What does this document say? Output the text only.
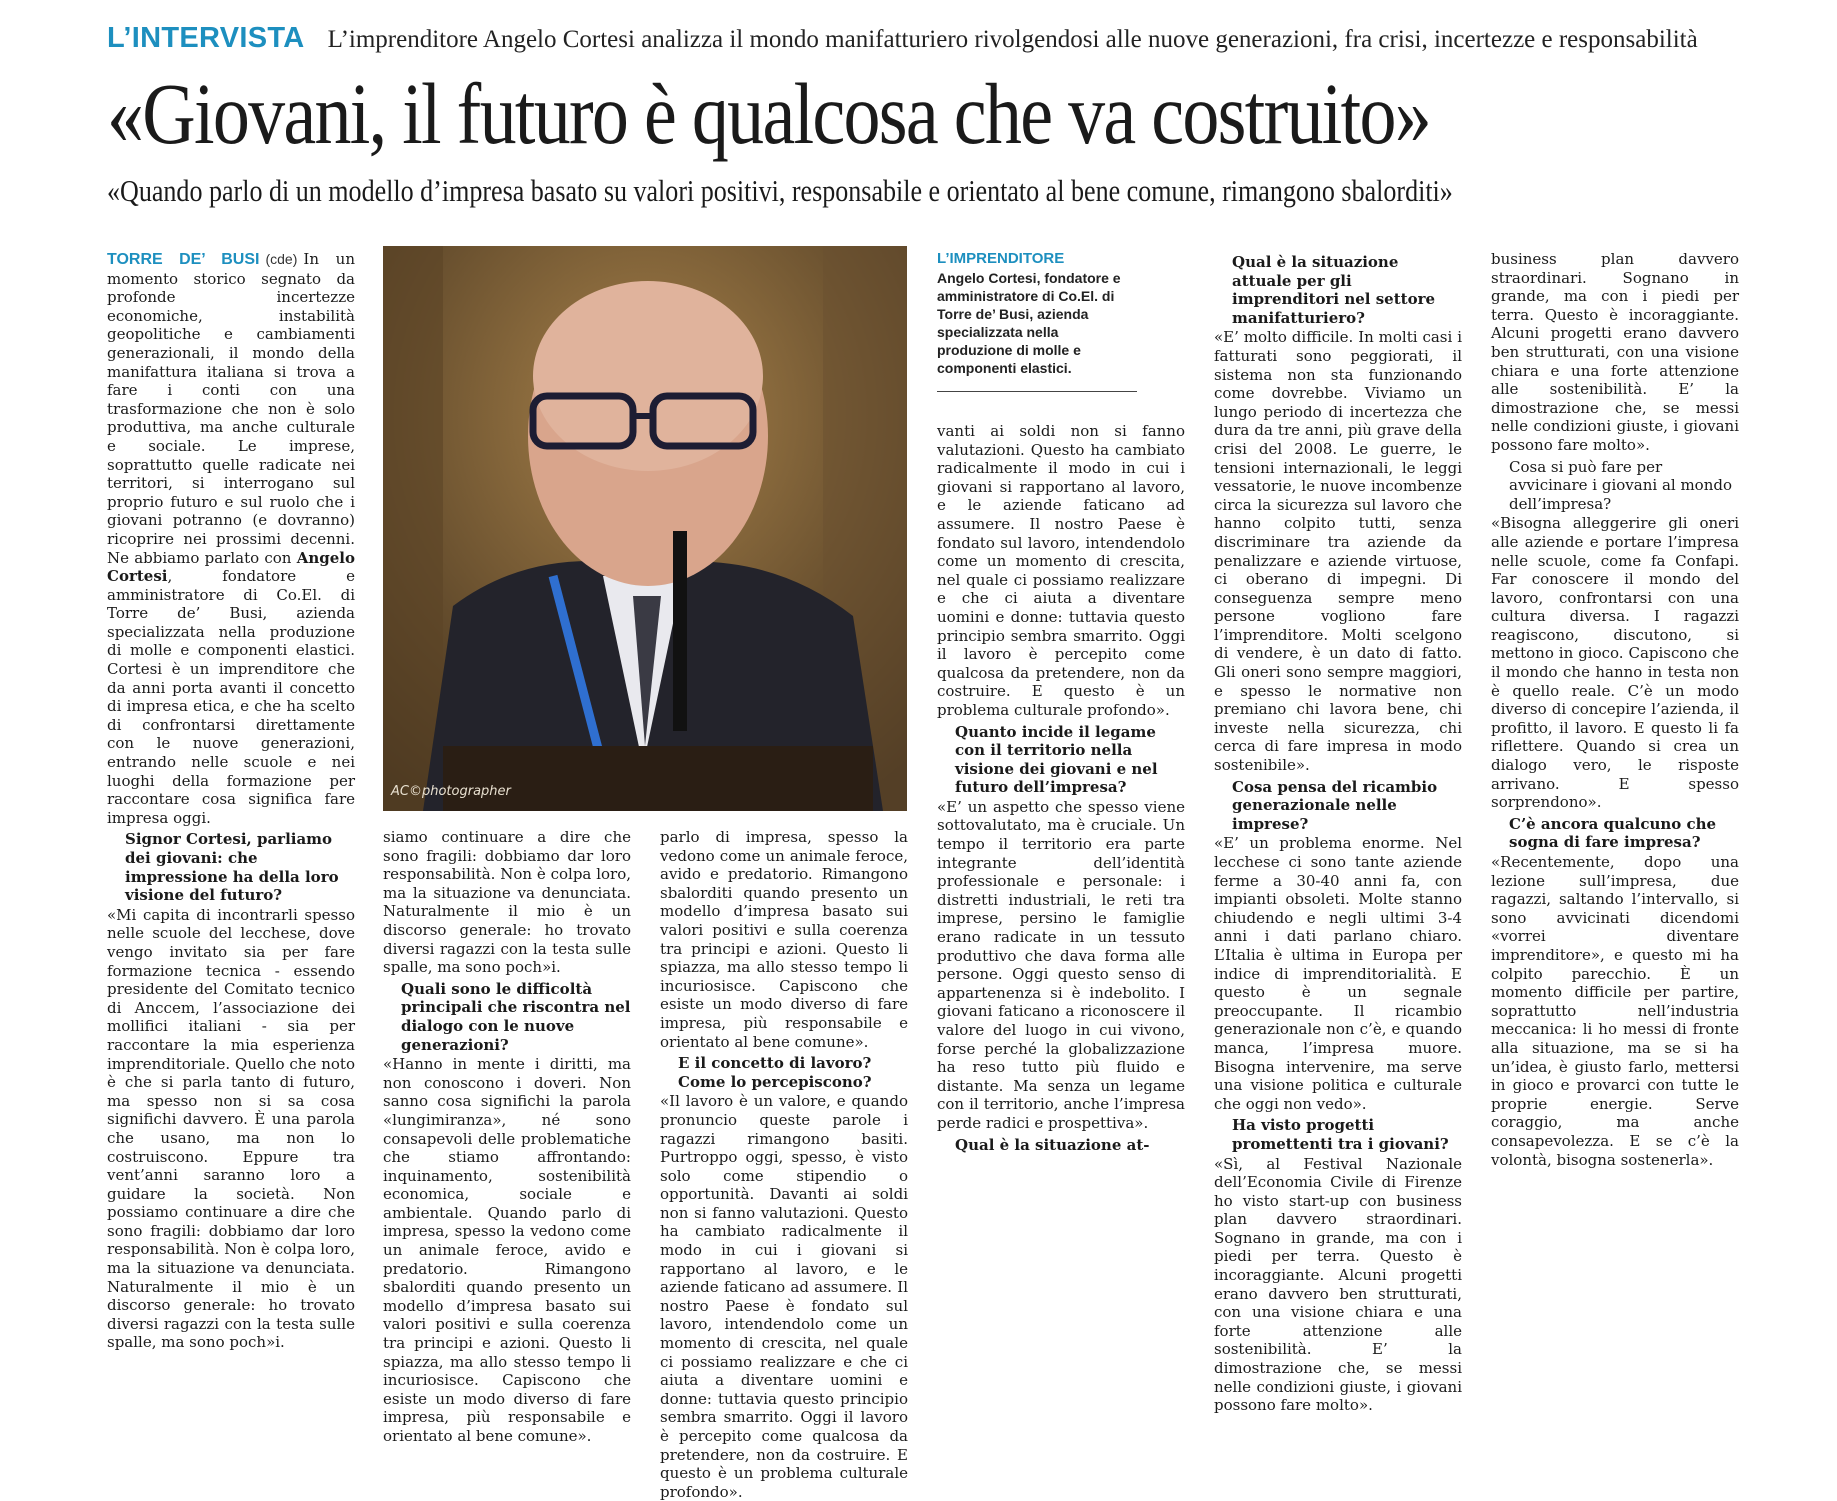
L’INTERVISTA L’imprenditore Angelo Cortesi analizza il mondo manifatturiero rivolgendosi alle nuove generazioni, fra crisi, incertezze e responsabilità
«Giovani, il futuro è qualcosa che va costruito»
«Quando parlo di un modello d’impresa basato su valori positivi, responsabile e orientato al bene comune, rimangono sbalorditi»

TORRE DE’ BUSI (cde) In un momento storico segnato da profonde incertezze economiche, instabilità geopolitiche e cambiamenti generazionali, il mondo della manifattura italiana si trova a fare i conti con una trasformazione che non è solo produttiva, ma anche culturale e sociale. Le imprese, soprattutto quelle radicate nei territori, si interrogano sul proprio futuro e sul ruolo che i giovani potranno (e dovranno) ricoprire nei prossimi decenni. Ne abbiamo parlato con Angelo Cortesi, fondatore e amministratore di Co.El. di Torre de’ Busi, azienda specializzata nella produzione di molle e componenti elastici. Cortesi è un imprenditore che da anni porta avanti il concetto di impresa etica, e che ha scelto di confrontarsi direttamente con le nuove generazioni, entrando nelle scuole e nei luoghi della formazione per raccontare cosa significa fare impresa oggi.

Signor Cortesi, parliamo dei giovani: che impressione ha della loro visione del futuro?

«Mi capita di incontrarli spesso nelle scuole del lecchese, dove vengo invitato sia per fare formazione tecnica - essendo presidente del Comitato tecnico di Anccem, l’associazione dei mollifici italiani - sia per raccontare la mia esperienza imprenditoriale. Quello che noto è che si parla tanto di futuro, ma spesso non si sa cosa significhi davvero. È una parola che usano, ma non lo costruiscono. Eppure tra vent’anni saranno loro a guidare la società. Non possiamo continuare a dire che sono fragili: dobbiamo dar loro responsabilità. Non è colpa loro, ma la situazione va denunciata. Naturalmente il mio è un discorso generale: ho trovato diversi ragazzi con la testa sulle spalle, ma sono poch»i.

AC©photographer

siamo continuare a dire che sono fragili: dobbiamo dar loro responsabilità. Non è colpa loro, ma la situazione va denunciata. Naturalmente il mio è un discorso generale: ho trovato diversi ragazzi con la testa sulle spalle, ma sono poch»i.

Quali sono le difficoltà principali che riscontra nel dialogo con le nuove generazioni?

«Hanno in mente i diritti, ma non conoscono i doveri. Non sanno cosa significhi la parola «lungimiranza», né sono consapevoli delle problematiche che stiamo affrontando: inquinamento, sostenibilità economica, sociale e ambientale. Quando parlo di impresa, spesso la vedono come un animale feroce, avido e predatorio. Rimangono sbalorditi quando presento un modello d’impresa basato sui valori positivi e sulla coerenza tra principi e azioni. Questo li spiazza, ma allo stesso tempo li incuriosisce. Capiscono che esiste un modo diverso di fare impresa, più responsabile e orientato al bene comune».

parlo di impresa, spesso la vedono come un animale feroce, avido e predatorio. Rimangono sbalorditi quando presento un modello d’impresa basato sui valori positivi e sulla coerenza tra principi e azioni. Questo li spiazza, ma allo stesso tempo li incuriosisce. Capiscono che esiste un modo diverso di fare impresa, più responsabile e orientato al bene comune».

E il concetto di lavoro? Come lo percepiscono?

«Il lavoro è un valore, e quando pronuncio queste parole i ragazzi rimangono basiti. Purtroppo oggi, spesso, è visto solo come stipendio o opportunità. Davanti ai soldi non si fanno valutazioni. Questo ha cambiato radicalmente il modo in cui i giovani si rapportano al lavoro, e le aziende faticano ad assumere. Il nostro Paese è fondato sul lavoro, intendendolo come un momento di crescita, nel quale ci possiamo realizzare e che ci aiuta a diventare uomini e donne: tuttavia questo principio sembra smarrito. Oggi il lavoro è percepito come qualcosa da pretendere, non da costruire. E questo è un problema culturale profondo».

L’IMPRENDITORE
Angelo Cortesi, fondatore e amministratore di Co.El. di Torre de’ Busi, azienda specializzata nella produzione di molle e componenti elastici.

vanti ai soldi non si fanno valutazioni. Questo ha cambiato radicalmente il modo in cui i giovani si rapportano al lavoro, e le aziende faticano ad assumere. Il nostro Paese è fondato sul lavoro, intendendolo come un momento di crescita, nel quale ci possiamo realizzare e che ci aiuta a diventare uomini e donne: tuttavia questo principio sembra smarrito. Oggi il lavoro è percepito come qualcosa da pretendere, non da costruire. E questo è un problema culturale profondo».

Quanto incide il legame con il territorio nella visione dei giovani e nel futuro dell’impresa?

«E’ un aspetto che spesso viene sottovalutato, ma è cruciale. Un tempo il territorio era parte integrante dell’identità professionale e personale: i distretti industriali, le reti tra imprese, persino le famiglie erano radicate in un tessuto produttivo che dava forma alle persone. Oggi questo senso di appartenenza si è indebolito. I giovani faticano a riconoscere il valore del luogo in cui vivono, forse perché la globalizzazione ha reso tutto più fluido e distante. Ma senza un legame con il territorio, anche l’impresa perde radici e prospettiva».

Qual è la situazione at-

Qual è la situazione attuale per gli imprenditori nel settore manifatturiero?

«E’ molto difficile. In molti casi i fatturati sono peggiorati, il sistema non sta funzionando come dovrebbe. Viviamo un lungo periodo di incertezza che dura da tre anni, più grave della crisi del 2008. Le guerre, le tensioni internazionali, le leggi vessatorie, le nuove incombenze circa la sicurezza sul lavoro che hanno colpito tutti, senza discriminare tra aziende da penalizzare e aziende virtuose, ci oberano di impegni. Di conseguenza sempre meno persone vogliono fare l’imprenditore. Molti scelgono di vendere, è un dato di fatto. Gli oneri sono sempre maggiori, e spesso le normative non premiano chi lavora bene, chi investe nella sicurezza, chi cerca di fare impresa in modo sostenibile».

Cosa pensa del ricambio generazionale nelle imprese?

«E’ un problema enorme. Nel lecchese ci sono tante aziende ferme a 30-40 anni fa, con impianti obsoleti. Molte stanno chiudendo e negli ultimi 3-4 anni i dati parlano chiaro. L’Italia è ultima in Europa per indice di imprenditorialità. E questo è un segnale preoccupante. Il ricambio generazionale non c’è, e quando manca, l’impresa muore. Bisogna intervenire, ma serve una visione politica e culturale che oggi non vedo».

Ha visto progetti promettenti tra i giovani?

«Sì, al Festival Nazionale dell’Economia Civile di Firenze ho visto start-up con business plan davvero straordinari. Sognano in grande, ma con i piedi per terra. Questo è incoraggiante. Alcuni progetti erano davvero ben strutturati, con una visione chiara e una forte attenzione alle sostenibilità. E’ la dimostrazione che, se messi nelle condizioni giuste, i giovani possono fare molto».

business plan davvero straordinari. Sognano in grande, ma con i piedi per terra. Questo è incoraggiante. Alcuni progetti erano davvero ben strutturati, con una visione chiara e una forte attenzione alle sostenibilità. E’ la dimostrazione che, se messi nelle condizioni giuste, i giovani possono fare molto».

Cosa si può fare per avvicinare i giovani al mondo dell’impresa?

«Bisogna alleggerire gli oneri alle aziende e portare l’impresa nelle scuole, come fa Confapi. Far conoscere il mondo del lavoro, confrontarsi con una cultura diversa. I ragazzi reagiscono, discutono, si mettono in gioco. Capiscono che il mondo che hanno in testa non è quello reale. C’è un modo diverso di concepire l’azienda, il profitto, il lavoro. E questo li fa riflettere. Quando si crea un dialogo vero, le risposte arrivano. E spesso sorprendono».

C’è ancora qualcuno che sogna di fare impresa?

«Recentemente, dopo una lezione sull’impresa, due ragazzi, saltando l’intervallo, si sono avvicinati dicendomi «vorrei diventare imprenditore», e questo mi ha colpito parecchio. È un momento difficile per partire, soprattutto nell’industria meccanica: li ho messi di fronte alla situazione, ma se si ha un’idea, è giusto farlo, mettersi in gioco e provarci con tutte le proprie energie. Serve coraggio, ma anche consapevolezza. E se c’è la volontà, bisogna sostenerla».
